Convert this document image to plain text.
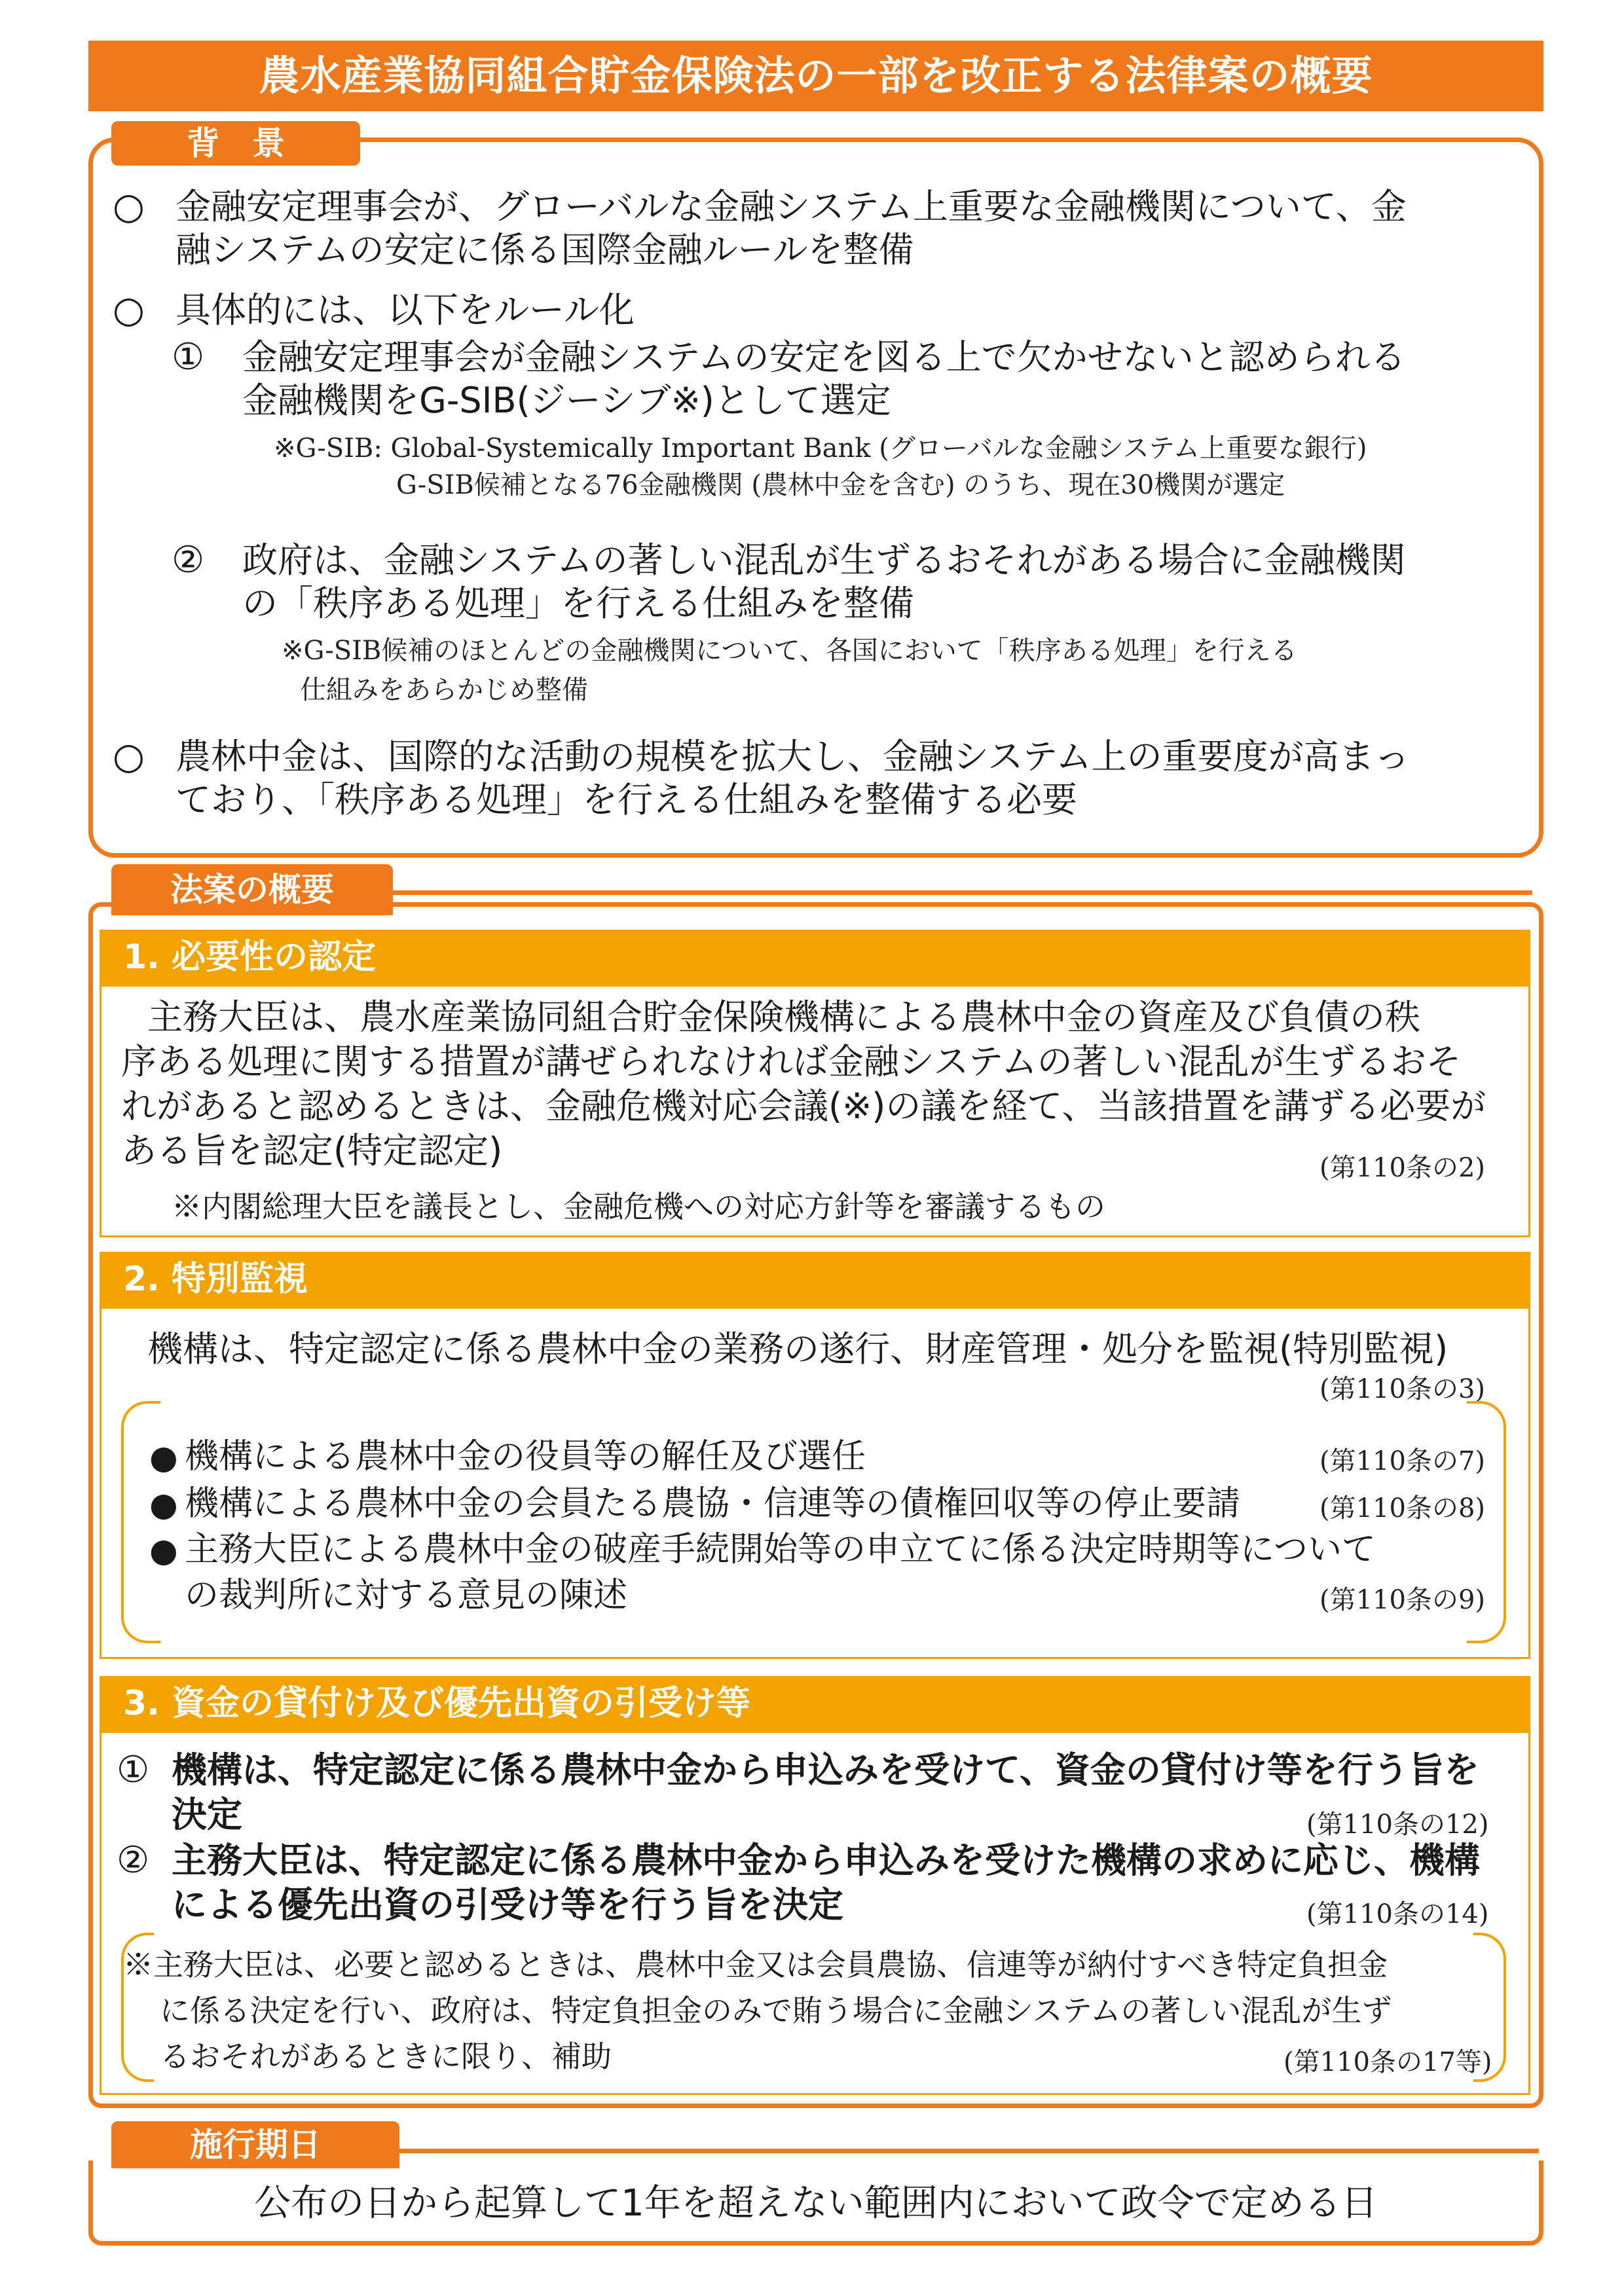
農水産業協同組合貯金保険法の一部を改正する法律案の概要
背　景
○ 金融安定理事会が、グローバルな金融システム上重要な金融機関について、金
融システムの安定に係る国際金融ルールを整備
○ 具体的には、以下をルール化
① 金融安定理事会が金融システムの安定を図る上で欠かせないと認められる
金融機関をG-SIB(ジーシブ※)として選定
※G-SIB: Global-Systemically Important Bank (グローバルな金融システム上重要な銀行)
G-SIB候補となる76金融機関 (農林中金を含む) のうち、現在30機関が選定
② 政府は、金融システムの著しい混乱が生ずるおそれがある場合に金融機関
の「秩序ある処理」を行える仕組みを整備
※G-SIB候補のほとんどの金融機関について、各国において「秩序ある処理」を行える
仕組みをあらかじめ整備
○ 農林中金は、国際的な活動の規模を拡大し、金融システム上の重要度が高まっ
ており、「秩序ある処理」を行える仕組みを整備する必要
法案の概要
1. 必要性の認定
主務大臣は、農水産業協同組合貯金保険機構による農林中金の資産及び負債の秩
序ある処理に関する措置が講ぜられなければ金融システムの著しい混乱が生ずるおそ
れがあると認めるときは、金融危機対応会議(※)の議を経て、当該措置を講ずる必要が
ある旨を認定(特定認定)	(第110条の2)
※内閣総理大臣を議長とし、金融危機への対応方針等を審議するもの
2. 特別監視
機構は、特定認定に係る農林中金の業務の遂行、財産管理・処分を監視(特別監視)
(第110条の3)
● 機構による農林中金の役員等の解任及び選任	(第110条の7)
● 機構による農林中金の会員たる農協・信連等の債権回収等の停止要請	(第110条の8)
● 主務大臣による農林中金の破産手続開始等の申立てに係る決定時期等について
の裁判所に対する意見の陳述	(第110条の9)
3. 資金の貸付け及び優先出資の引受け等
① 機構は、特定認定に係る農林中金から申込みを受けて、資金の貸付け等を行う旨を
決定	(第110条の12)
② 主務大臣は、特定認定に係る農林中金から申込みを受けた機構の求めに応じ、機構
による優先出資の引受け等を行う旨を決定	(第110条の14)
※主務大臣は、必要と認めるときは、農林中金又は会員農協、信連等が納付すべき特定負担金
に係る決定を行い、政府は、特定負担金のみで賄う場合に金融システムの著しい混乱が生ず
るおそれがあるときに限り、補助	(第110条の17等)
施行期日
公布の日から起算して1年を超えない範囲内において政令で定める日
